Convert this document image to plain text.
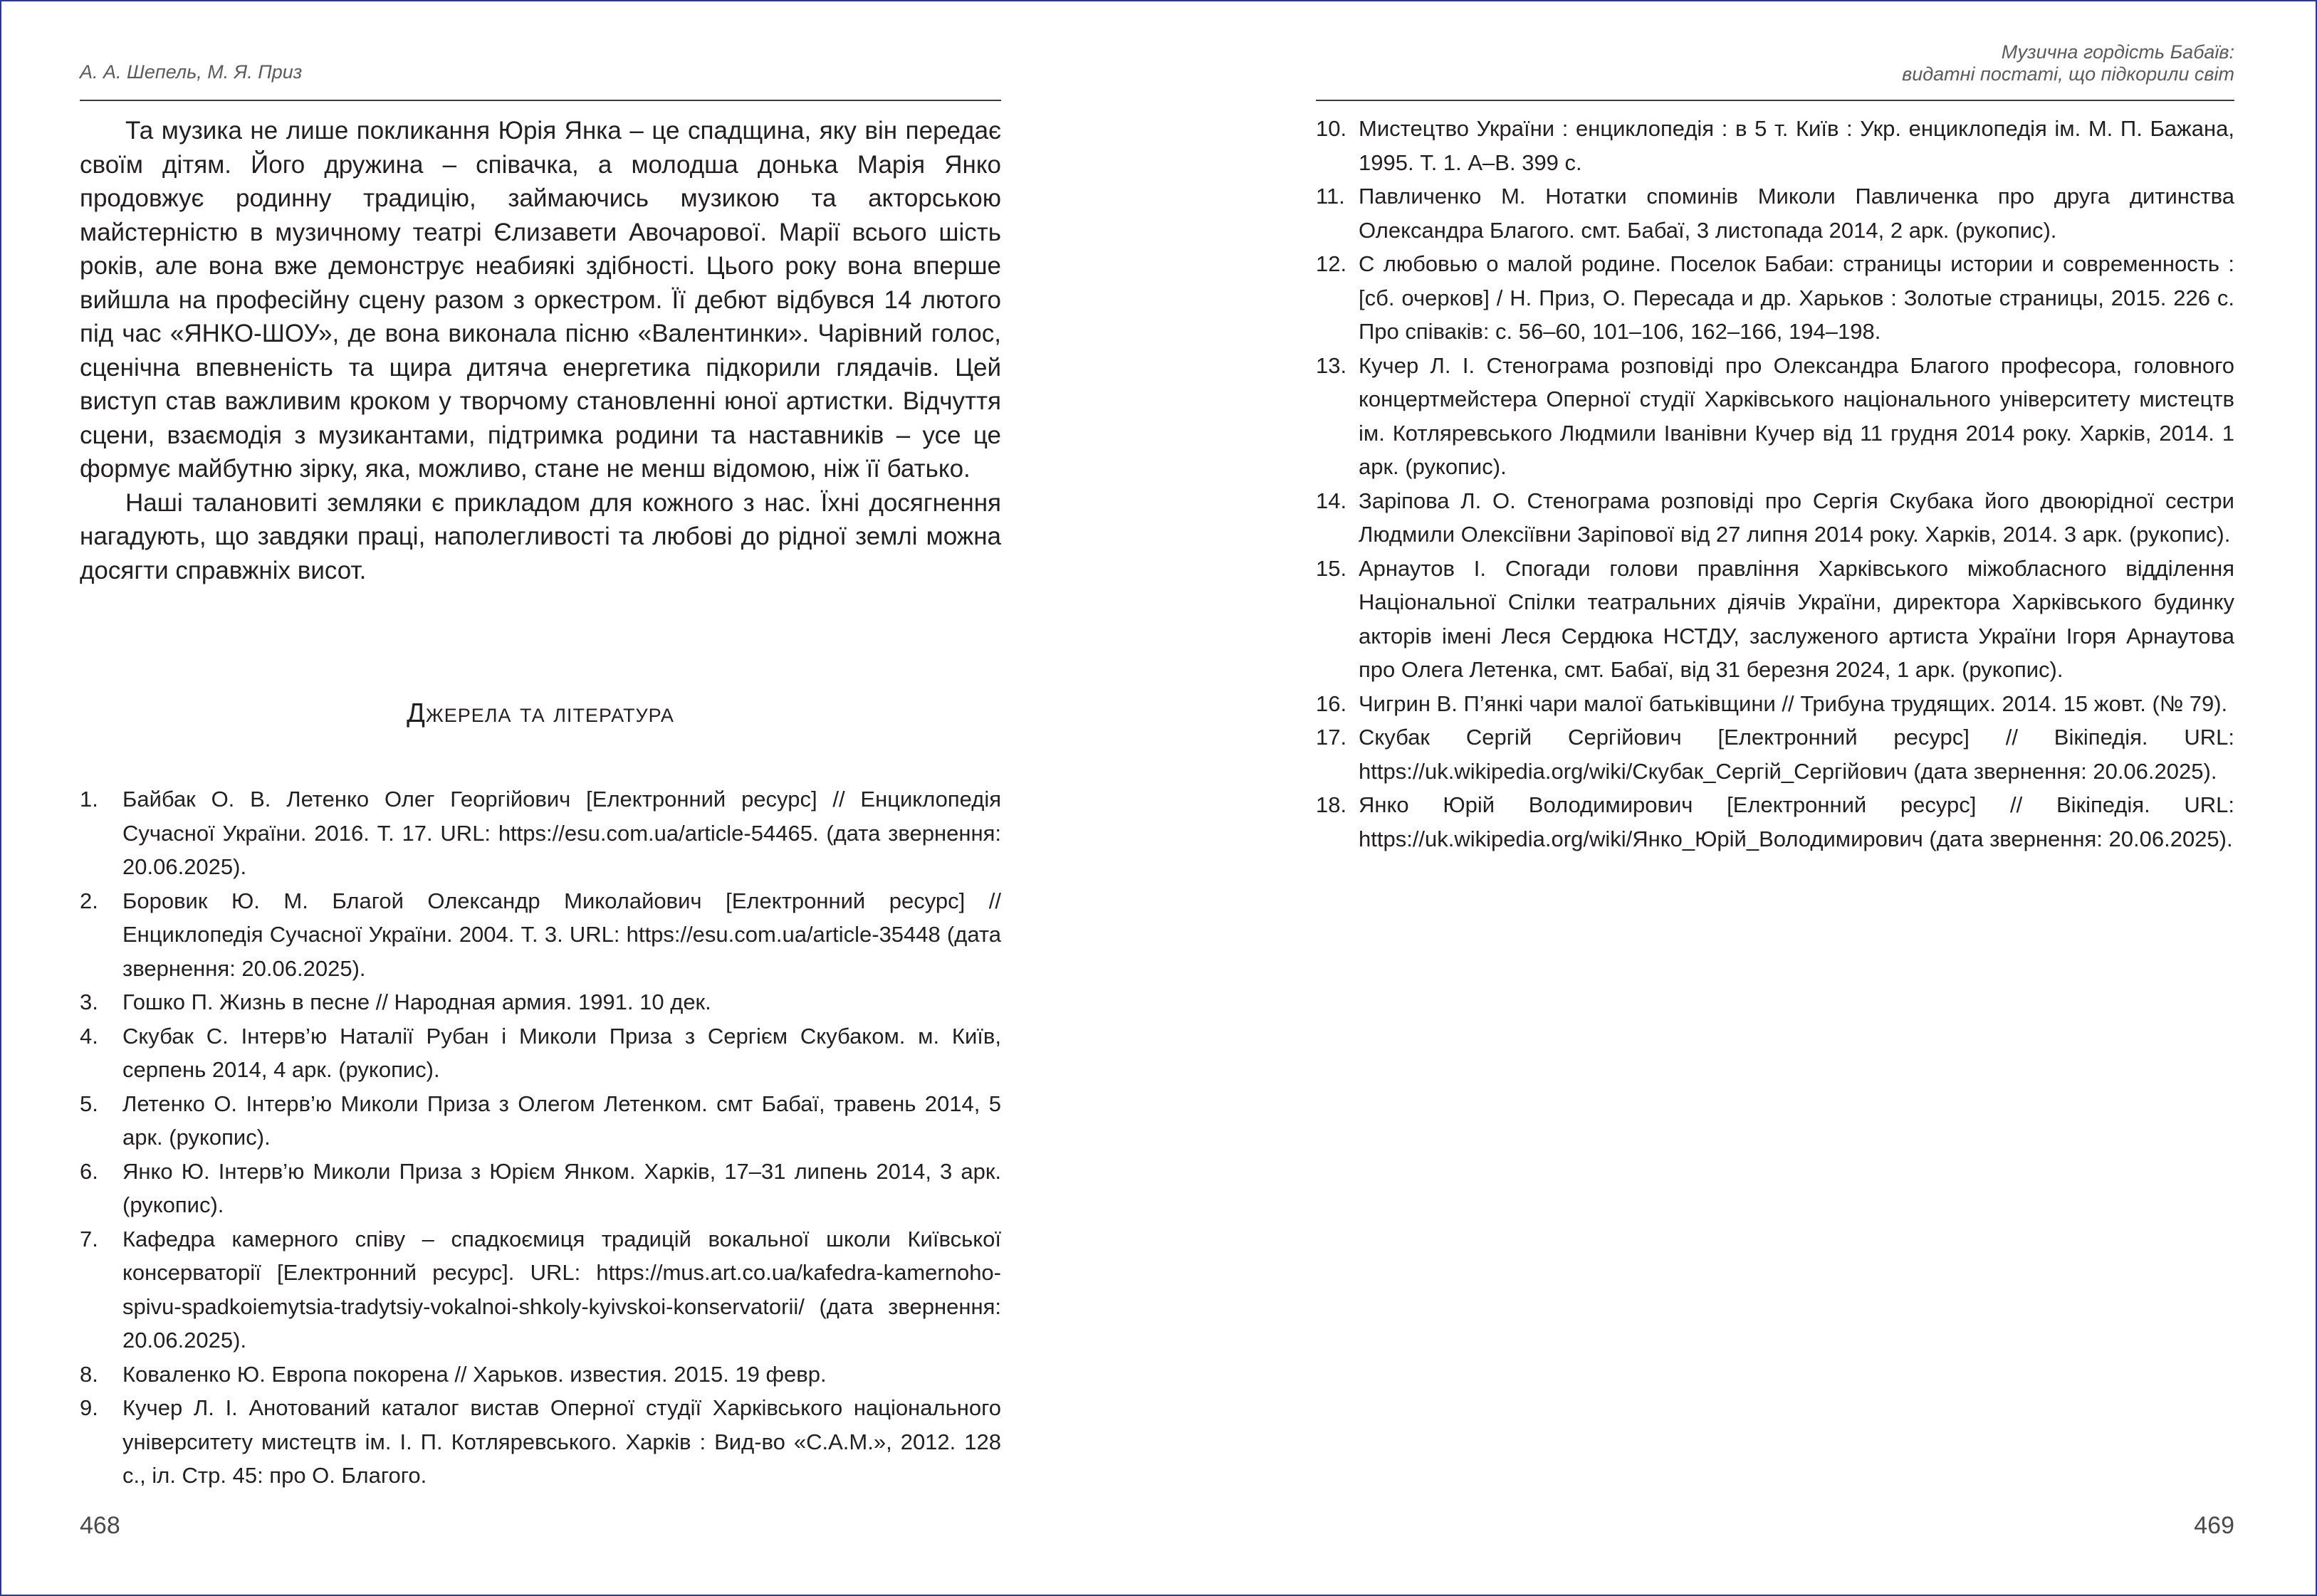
А. А. Шепель, М. Я. Приз

Та музика не лише покликання Юрія Янка – це спадщина, яку він передає своїм дітям. Його дружина – співачка, а молодша донька Марія Янко продовжує родинну традицію, займаючись музикою та акторською майстерністю в музичному театрі Єлизавети Авочарової. Марії всього шість років, але вона вже демонструє неабиякі здібності. Цього року вона вперше вийшла на професійну сцену разом з оркестром. Її дебют відбувся 14 лютого під час «ЯНКО-ШОУ», де вона виконала пісню «Валентинки». Чарівний голос, сценічна впевненість та щира дитяча енергетика підкорили глядачів. Цей виступ став важливим кроком у творчому становленні юної артистки. Відчуття сцени, взаємодія з музикантами, підтримка родини та наставників – усе це формує майбутню зірку, яка, можливо, стане не менш відомою, ніж її батько.

Наші талановиті земляки є прикладом для кожного з нас. Їхні досягнення нагадують, що завдяки праці, наполегливості та любові до рідної землі можна досягти справжніх висот.

Джерела та література
1. Байбак О. В. Летенко Олег Георгійович [Електронний ресурс] // Енциклопедія Сучасної України. 2016. Т. 17. URL: https://esu.com.ua/article-54465. (дата звернення: 20.06.2025).
2. Боровик Ю. М. Благой Олександр Миколайович [Електронний ресурс] // Енциклопедія Сучасної України. 2004. Т. 3. URL: https://esu.com.ua/article-35448 (дата звернення: 20.06.2025).
3. Гошко П. Жизнь в песне // Народная армия. 1991. 10 дек.
4. Скубак С. Інтерв’ю Наталії Рубан і Миколи Приза з Сергієм Скубаком. м. Київ, серпень 2014, 4 арк. (рукопис).
5. Летенко О. Інтерв’ю Миколи Приза з Олегом Летенком. смт Бабаї, травень 2014, 5 арк. (рукопис).
6. Янко Ю. Інтерв’ю Миколи Приза з Юрієм Янком. Харків, 17–31 липень 2014, 3 арк. (рукопис).
7. Кафедра камерного співу – спадкоємиця традицій вокальної школи Київської консерваторії [Електронний ресурс]. URL: https://mus.art.co.ua/kafedra-kamernoho-spivu-spadkoiemytsia-tradytsiy-vokalnoi-shkoly-kyivskoi-konservatorii/ (дата звернення: 20.06.2025).
8. Коваленко Ю. Европа покорена // Харьков. известия. 2015. 19 февр.
9. Кучер Л. І. Анотований каталог вистав Оперної студії Харківського національного університету мистецтв ім. І. П. Котляревського. Харків : Вид-во «С.А.М.», 2012. 128 с., іл. Стр. 45: про О. Благого.
468
Музична гордість Бабаїв:
видатні постаті, що підкорили світ
10. Мистецтво України : енциклопедія : в 5 т. Київ : Укр. енциклопедія ім. М. П. Бажана, 1995. Т. 1. А–В. 399 с.
11. Павличенко М. Нотатки споминів Миколи Павличенка про друга дитинства Олександра Благого. смт. Бабаї, 3 листопада 2014, 2 арк. (рукопис).
12. С любовью о малой родине. Поселок Бабаи: страницы истории и современность : [сб. очерков] / Н. Приз, О. Пересада и др. Харьков : Золотые страницы, 2015. 226 с. Про співаків: с. 56–60, 101–106, 162–166, 194–198.
13. Кучер Л. І. Стенограма розповіді про Олександра Благого професора, головного концертмейстера Оперної студії Харківського національного університету мистецтв ім. Котляревського Людмили Іванівни Кучер від 11 грудня 2014 року. Харків, 2014. 1 арк. (рукопис).
14. Заріпова Л. О. Стенограма розповіді про Сергія Скубака його двоюрідної сестри Людмили Олексіївни Заріпової від 27 липня 2014 року. Харків, 2014. 3 арк. (рукопис).
15. Арнаутов І. Спогади голови правління Харківського міжобласного відділення Національної Спілки театральних діячів України, директора Харківського будинку акторів імені Леся Сердюка НСТДУ, заслуженого артиста України Ігоря Арнаутова про Олега Летенка, смт. Бабаї, від 31 березня 2024, 1 арк. (рукопис).
16. Чигрин В. П’янкі чари малої батьківщини // Трибуна трудящих. 2014. 15 жовт. (№ 79).
17. Скубак Сергій Сергійович [Електронний ресурс] // Вікіпедія. URL: https://uk.wikipedia.org/wiki/Скубак_Сергій_Сергійович (дата звернення: 20.06.2025).
18. Янко Юрій Володимирович [Електронний ресурс] // Вікіпедія. URL: https://uk.wikipedia.org/wiki/Янко_Юрій_Володимирович (дата звернення: 20.06.2025).
469
